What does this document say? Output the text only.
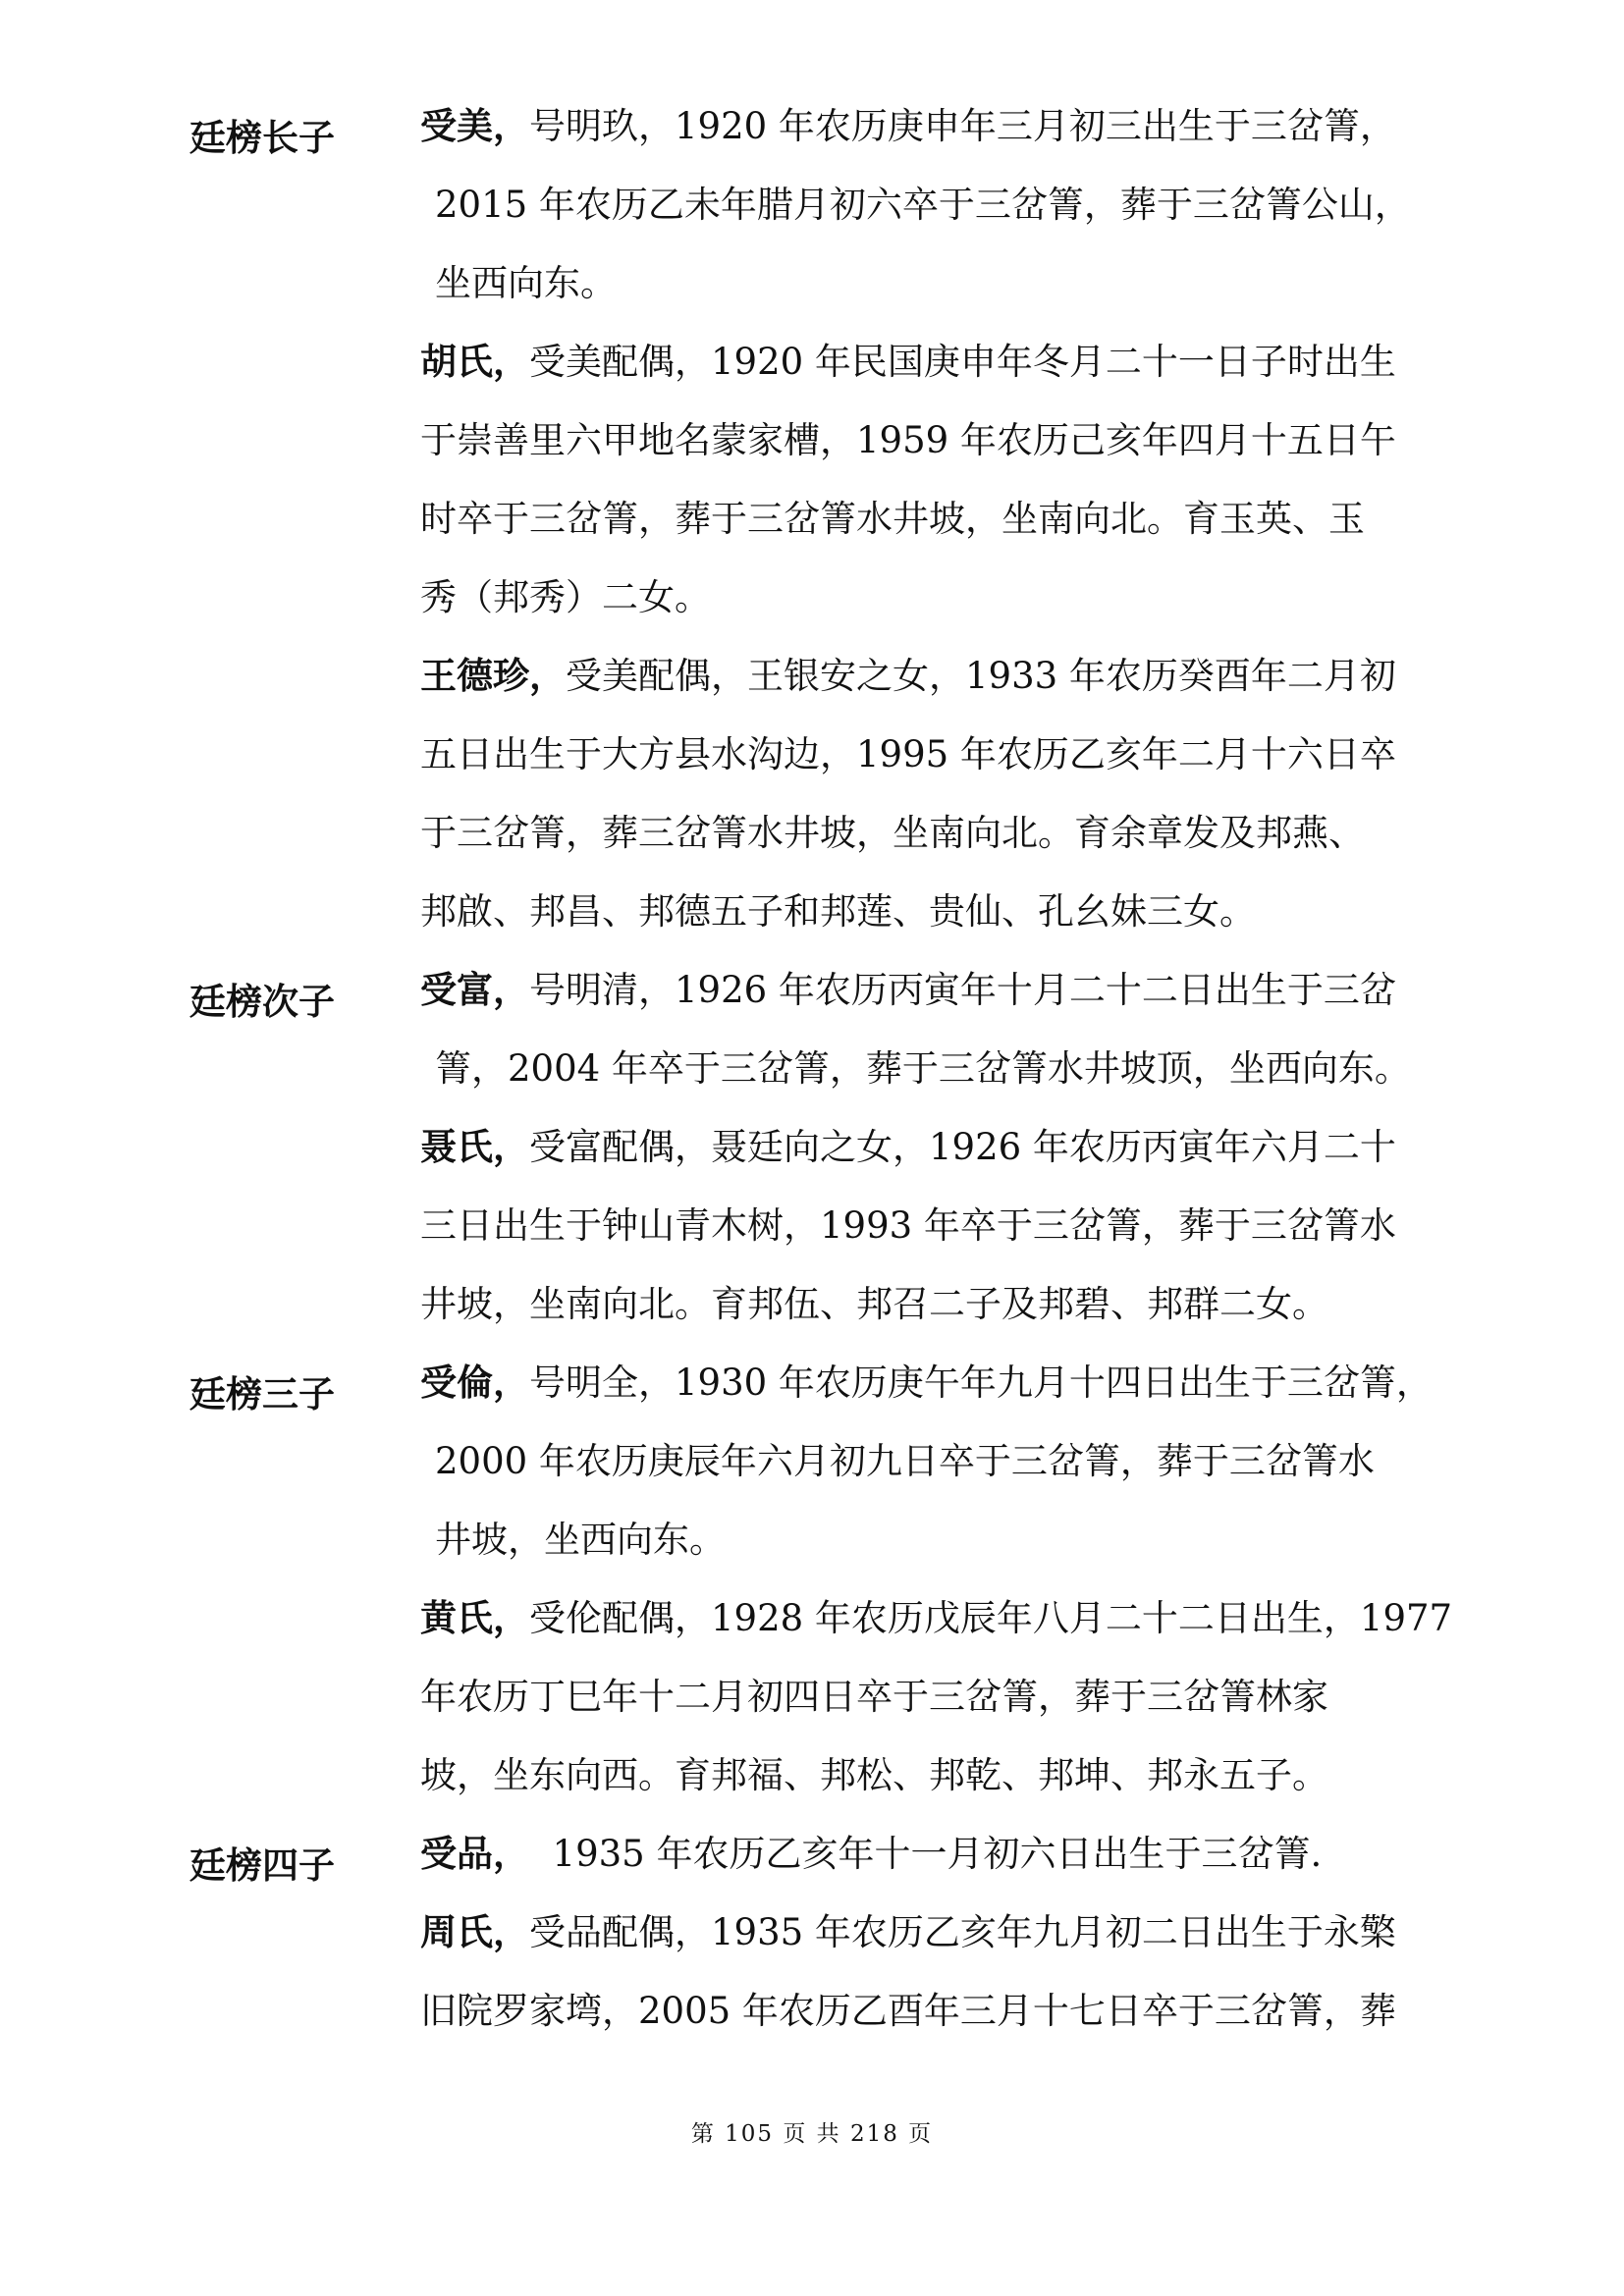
廷榜长子 受美，号明玖，1920 年农历庚申年三月初三出生于三岔箐，
2015 年农历乙未年腊月初六卒于三岔箐，葬于三岔箐公山，
坐西向东。
胡氏，受美配偶，1920 年民国庚申年冬月二十一日子时出生
于崇善里六甲地名蒙家槽，1959 年农历己亥年四月十五日午
时卒于三岔箐，葬于三岔箐水井坡，坐南向北。育玉英、玉
秀（邦秀）二女。
王德珍，受美配偶，王银安之女，1933 年农历癸酉年二月初
五日出生于大方县水沟边，1995 年农历乙亥年二月十六日卒
于三岔箐，葬三岔箐水井坡，坐南向北。育余章发及邦燕、
邦啟、邦昌、邦德五子和邦莲、贵仙、孔幺妹三女。
廷榜次子 受富，号明清，1926 年农历丙寅年十月二十二日出生于三岔
箐，2004 年卒于三岔箐，葬于三岔箐水井坡顶，坐西向东。
聂氏，受富配偶，聂廷向之女，1926 年农历丙寅年六月二十
三日出生于钟山青木树，1993 年卒于三岔箐，葬于三岔箐水
井坡，坐南向北。育邦伍、邦召二子及邦碧、邦群二女。
廷榜三子 受倫，号明全，1930 年农历庚午年九月十四日出生于三岔箐，
2000 年农历庚辰年六月初九日卒于三岔箐，葬于三岔箐水
井坡，坐西向东。
黄氏，受伦配偶，1928 年农历戊辰年八月二十二日出生，1977
年农历丁巳年十二月初四日卒于三岔箐，葬于三岔箐林家
坡，坐东向西。育邦福、邦松、邦乾、邦坤、邦永五子。
廷榜四子 受品，  1935 年农历乙亥年十一月初六日出生于三岔箐.
周氏，受品配偶，1935 年农历乙亥年九月初二日出生于永檠
旧院罗家塆，2005 年农历乙酉年三月十七日卒于三岔箐，葬
第 105 页 共 218 页
